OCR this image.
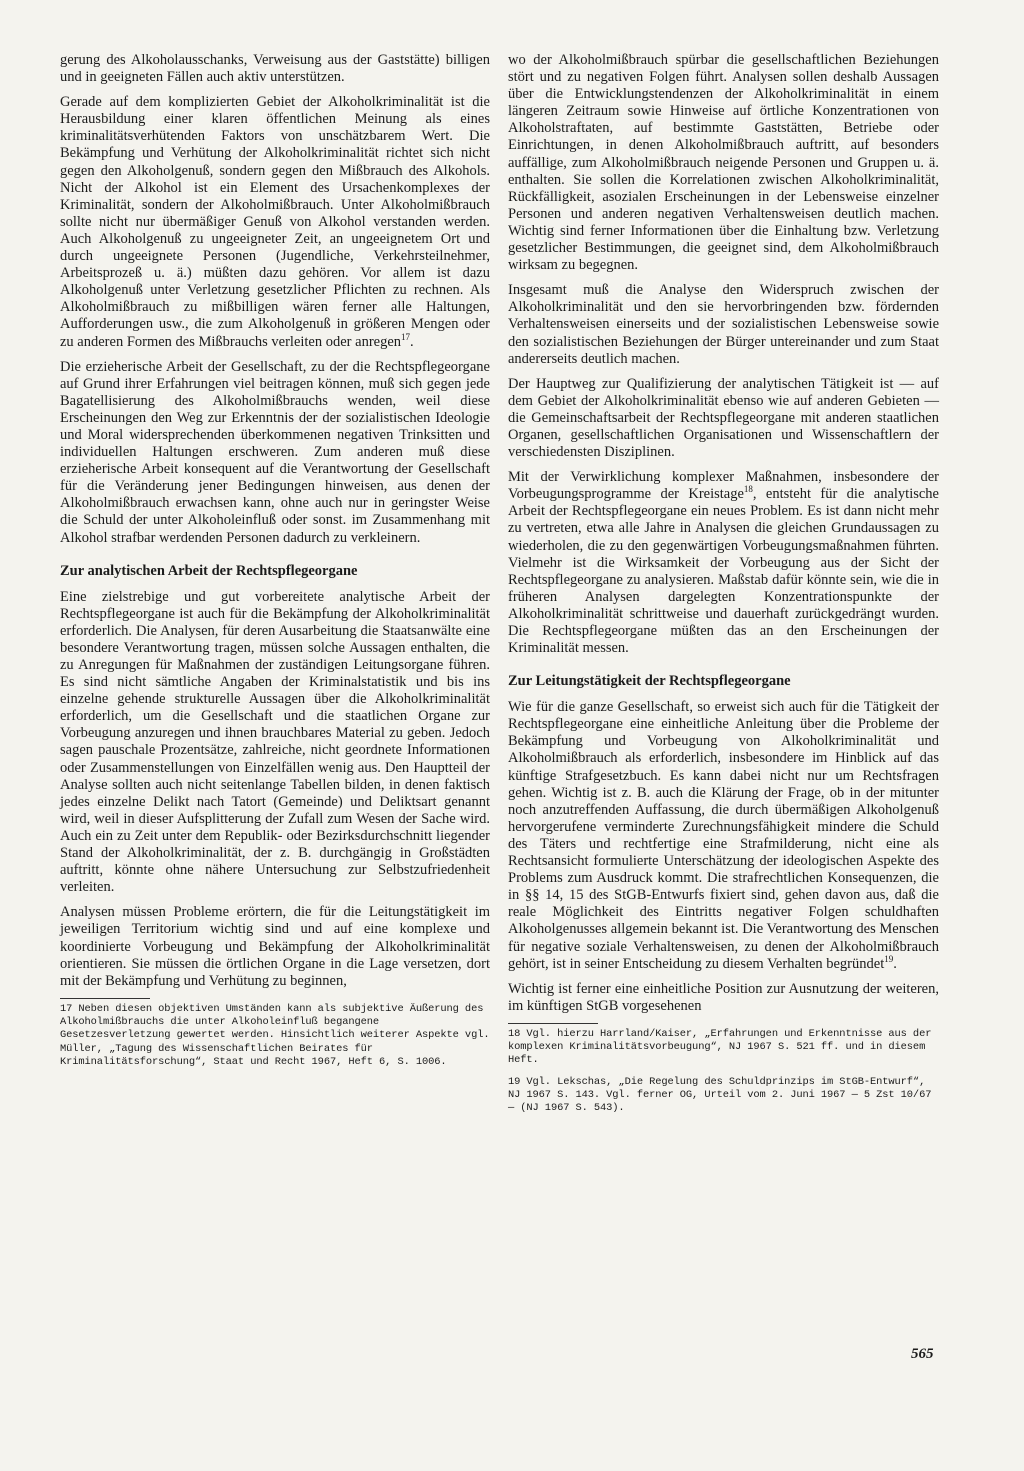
gerung des Alkoholausschanks, Verweisung aus der Gaststätte) billigen und in geeigneten Fällen auch aktiv unterstützen.

Gerade auf dem komplizierten Gebiet der Alkoholkriminalität ist die Herausbildung einer klaren öffentlichen Meinung als eines kriminalitätsverhütenden Faktors von unschätzbarem Wert. Die Bekämpfung und Verhütung der Alkoholkriminalität richtet sich nicht gegen den Alkoholgenuß, sondern gegen den Mißbrauch des Alkohols. Nicht der Alkohol ist ein Element des Ursachenkomplexes der Kriminalität, sondern der Alkoholmißbrauch. Unter Alkoholmißbrauch sollte nicht nur übermäßiger Genuß von Alkohol verstanden werden. Auch Alkoholgenuß zu ungeeigneter Zeit, an ungeeignetem Ort und durch ungeeignete Personen (Jugendliche, Verkehrsteilnehmer, Arbeitsprozeß u. ä.) müßten dazu gehören. Vor allem ist dazu Alkoholgenuß unter Verletzung gesetzlicher Pflichten zu rechnen. Als Alkoholmißbrauch zu mißbilligen wären ferner alle Haltungen, Aufforderungen usw., die zum Alkoholgenuß in größeren Mengen oder zu anderen Formen des Mißbrauchs verleiten oder anregen$^{17}$.

Die erzieherische Arbeit der Gesellschaft, zu der die Rechtspflegeorgane auf Grund ihrer Erfahrungen viel beitragen können, muß sich gegen jede Bagatellisierung des Alkoholmißbrauchs wenden, weil diese Erscheinungen den Weg zur Erkenntnis der der sozialistischen Ideologie und Moral widersprechenden überkommenen negativen Trinksitten und individuellen Haltungen erschweren. Zum anderen muß diese erzieherische Arbeit konsequent auf die Verantwortung der Gesellschaft für die Veränderung jener Bedingungen hinweisen, aus denen der Alkoholmißbrauch erwachsen kann, ohne auch nur in geringster Weise die Schuld der unter Alkoholeinfluß oder sonst. im Zusammenhang mit Alkohol strafbar werdenden Personen dadurch zu verkleinern.

Zur analytischen Arbeit der Rechtspflegeorgane

Eine zielstrebige und gut vorbereitete analytische Arbeit der Rechtspflegeorgane ist auch für die Bekämpfung der Alkoholkriminalität erforderlich. Die Analysen, für deren Ausarbeitung die Staatsanwälte eine besondere Verantwortung tragen, müssen solche Aussagen enthalten, die zu Anregungen für Maßnahmen der zuständigen Leitungsorgane führen. Es sind nicht sämtliche Angaben der Kriminalstatistik und bis ins einzelne gehende strukturelle Aussagen über die Alkoholkriminalität erforderlich, um die Gesellschaft und die staatlichen Organe zur Vorbeugung anzuregen und ihnen brauchbares Material zu geben. Jedoch sagen pauschale Prozentsätze, zahlreiche, nicht geordnete Informationen oder Zusammenstellungen von Einzelfällen wenig aus. Den Hauptteil der Analyse sollten auch nicht seitenlange Tabellen bilden, in denen faktisch jedes einzelne Delikt nach Tatort (Gemeinde) und Deliktsart genannt wird, weil in dieser Aufsplitterung der Zufall zum Wesen der Sache wird. Auch ein zu Zeit unter dem Republik- oder Bezirksdurchschnitt liegender Stand der Alkoholkriminalität, der z. B. durchgängig in Großstädten auftritt, könnte ohne nähere Untersuchung zur Selbstzufriedenheit verleiten.

Analysen müssen Probleme erörtern, die für die Leitungstätigkeit im jeweiligen Territorium wichtig sind und auf eine komplexe und koordinierte Vorbeugung und Bekämpfung der Alkoholkriminalität orientieren. Sie müssen die örtlichen Organe in die Lage versetzen, dort mit der Bekämpfung und Verhütung zu beginnen,

17 Neben diesen objektiven Umständen kann als subjektive Äußerung des Alkoholmißbrauchs die unter Alkoholeinfluß begangene Gesetzesverletzung gewertet werden. Hinsichtlich weiterer Aspekte vgl. Müller, „Tagung des Wissenschaftlichen Beirates für Kriminalitätsforschung“, Staat und Recht 1967, Heft 6, S. 1006.

wo der Alkoholmißbrauch spürbar die gesellschaftlichen Beziehungen stört und zu negativen Folgen führt. Analysen sollen deshalb Aussagen über die Entwicklungstendenzen der Alkoholkriminalität in einem längeren Zeitraum sowie Hinweise auf örtliche Konzentrationen von Alkoholstraftaten, auf bestimmte Gaststätten, Betriebe oder Einrichtungen, in denen Alkoholmißbrauch auftritt, auf besonders auffällige, zum Alkoholmißbrauch neigende Personen und Gruppen u. ä. enthalten. Sie sollen die Korrelationen zwischen Alkoholkriminalität, Rückfälligkeit, asozialen Erscheinungen in der Lebensweise einzelner Personen und anderen negativen Verhaltensweisen deutlich machen. Wichtig sind ferner Informationen über die Einhaltung bzw. Verletzung gesetzlicher Bestimmungen, die geeignet sind, dem Alkoholmißbrauch wirksam zu begegnen.

Insgesamt muß die Analyse den Widerspruch zwischen der Alkoholkriminalität und den sie hervorbringenden bzw. fördernden Verhaltensweisen einerseits und der sozialistischen Lebensweise sowie den sozialistischen Beziehungen der Bürger untereinander und zum Staat andererseits deutlich machen.

Der Hauptweg zur Qualifizierung der analytischen Tätigkeit ist — auf dem Gebiet der Alkoholkriminalität ebenso wie auf anderen Gebieten — die Gemeinschaftsarbeit der Rechtspflegeorgane mit anderen staatlichen Organen, gesellschaftlichen Organisationen und Wissenschaftlern der verschiedensten Disziplinen.

Mit der Verwirklichung komplexer Maßnahmen, insbesondere der Vorbeugungsprogramme der Kreistage$^{18}$, entsteht für die analytische Arbeit der Rechtspflegeorgane ein neues Problem. Es ist dann nicht mehr zu vertreten, etwa alle Jahre in Analysen die gleichen Grundaussagen zu wiederholen, die zu den gegenwärtigen Vorbeugungsmaßnahmen führten. Vielmehr ist die Wirksamkeit der Vorbeugung aus der Sicht der Rechtspflegeorgane zu analysieren. Maßstab dafür könnte sein, wie die in früheren Analysen dargelegten Konzentrationspunkte der Alkoholkriminalität schrittweise und dauerhaft zurückgedrängt wurden. Die Rechtspflegeorgane müßten das an den Erscheinungen der Kriminalität messen.

Zur Leitungstätigkeit der Rechtspflegeorgane

Wie für die ganze Gesellschaft, so erweist sich auch für die Tätigkeit der Rechtspflegeorgane eine einheitliche Anleitung über die Probleme der Bekämpfung und Vorbeugung von Alkoholkriminalität und Alkoholmißbrauch als erforderlich, insbesondere im Hinblick auf das künftige Strafgesetzbuch. Es kann dabei nicht nur um Rechtsfragen gehen. Wichtig ist z. B. auch die Klärung der Frage, ob in der mitunter noch anzutreffenden Auffassung, die durch übermäßigen Alkoholgenuß hervorgerufene verminderte Zurechnungsfähigkeit mindere die Schuld des Täters und rechtfertige eine Strafmilderung, nicht eine als Rechtsansicht formulierte Unterschätzung der ideologischen Aspekte des Problems zum Ausdruck kommt. Die strafrechtlichen Konsequenzen, die in §§ 14, 15 des StGB-Entwurfs fixiert sind, gehen davon aus, daß die reale Möglichkeit des Eintritts negativer Folgen schuldhaften Alkoholgenusses allgemein bekannt ist. Die Verantwortung des Menschen für negative soziale Verhaltensweisen, zu denen der Alkoholmißbrauch gehört, ist in seiner Entscheidung zu diesem Verhalten begründet$^{19}$.

Wichtig ist ferner eine einheitliche Position zur Ausnutzung der weiteren, im künftigen StGB vorgesehenen

18 Vgl. hierzu Harrland/Kaiser, „Erfahrungen und Erkenntnisse aus der komplexen Kriminalitätsvorbeugung“, NJ 1967 S. 521 ff. und in diesem Heft.

19 Vgl. Lekschas, „Die Regelung des Schuldprinzips im StGB-Entwurf“, NJ 1967 S. 143. Vgl. ferner OG, Urteil vom 2. Juni 1967 — 5 Zst 10/67 — (NJ 1967 S. 543).

565
